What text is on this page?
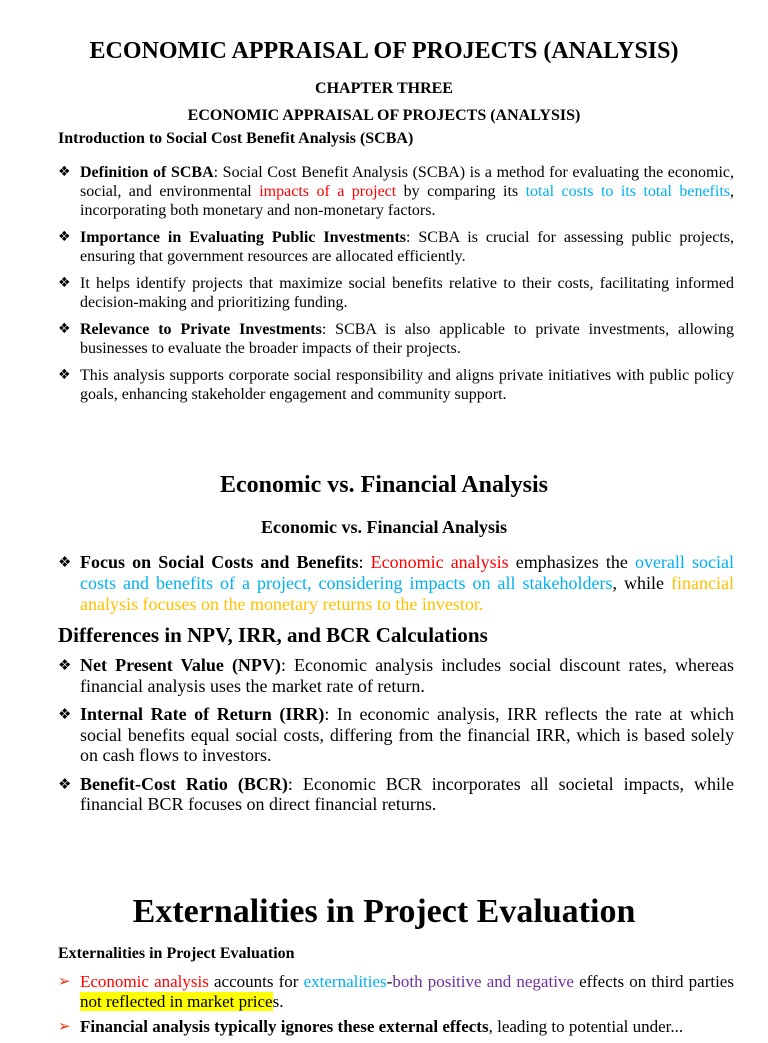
ECONOMIC APPRAISAL OF PROJECTS (ANALYSIS)
CHAPTER THREE
ECONOMIC APPRAISAL OF PROJECTS (ANALYSIS)
Introduction to Social Cost Benefit Analysis (SCBA)
❖ Definition of SCBA: Social Cost Benefit Analysis (SCBA) is a method for evaluating the economic, social, and environmental impacts of a project by comparing its total costs to its total benefits, incorporating both monetary and non-monetary factors.
❖ Importance in Evaluating Public Investments: SCBA is crucial for assessing public projects, ensuring that government resources are allocated efficiently.
❖ It helps identify projects that maximize social benefits relative to their costs, facilitating informed decision-making and prioritizing funding.
❖ Relevance to Private Investments: SCBA is also applicable to private investments, allowing businesses to evaluate the broader impacts of their projects.
❖ This analysis supports corporate social responsibility and aligns private initiatives with public policy goals, enhancing stakeholder engagement and community support.
Economic vs. Financial Analysis
Economic vs. Financial Analysis
❖ Focus on Social Costs and Benefits: Economic analysis emphasizes the overall social costs and benefits of a project, considering impacts on all stakeholders, while financial analysis focuses on the monetary returns to the investor.
Differences in NPV, IRR, and BCR Calculations
❖ Net Present Value (NPV): Economic analysis includes social discount rates, whereas financial analysis uses the market rate of return.
❖ Internal Rate of Return (IRR): In economic analysis, IRR reflects the rate at which social benefits equal social costs, differing from the financial IRR, which is based solely on cash flows to investors.
❖ Benefit-Cost Ratio (BCR): Economic BCR incorporates all societal impacts, while financial BCR focuses on direct financial returns.
Externalities in Project Evaluation
Externalities in Project Evaluation
➢ Economic analysis accounts for externalities-both positive and negative effects on third parties not reflected in market prices.
➢ Financial analysis typically ignores these external effects, leading to potential under...
